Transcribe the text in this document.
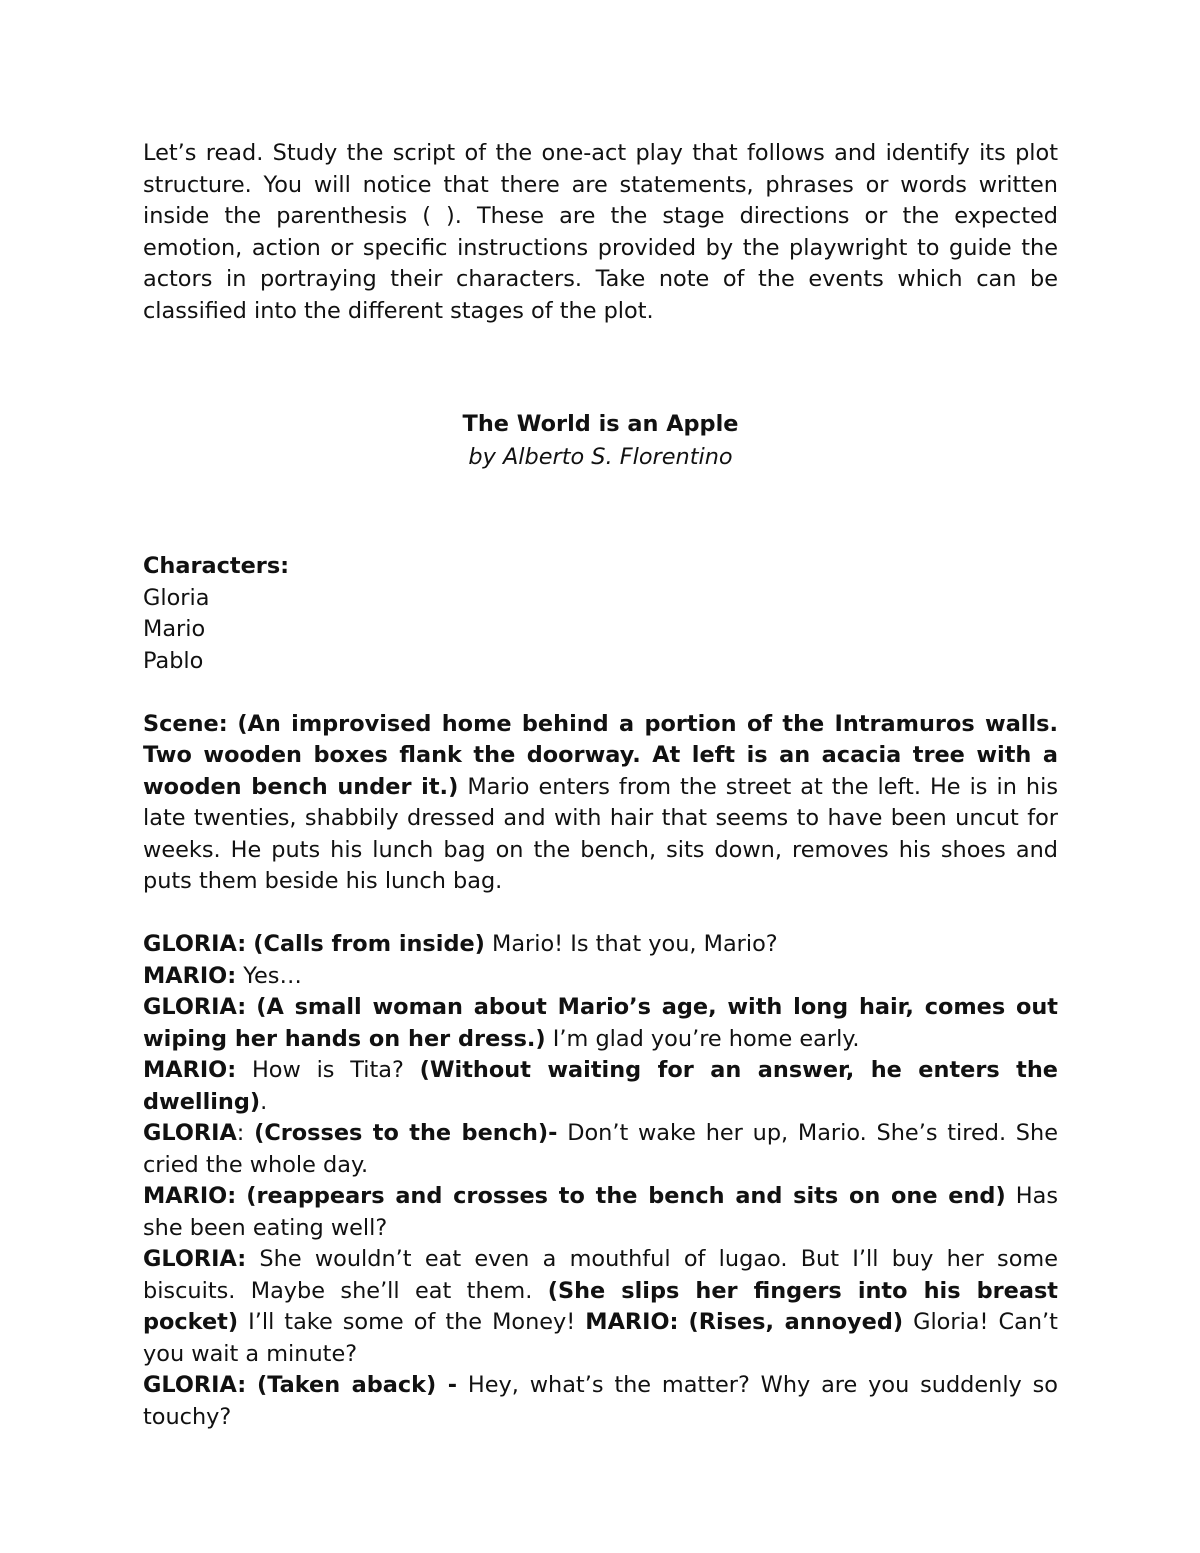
Let’s read. Study the script of the one-act play that follows and identify its plot structure. You will notice that there are statements, phrases or words written inside the parenthesis ( ). These are the stage directions or the expected emotion, action or specific instructions provided by the playwright to guide the actors in portraying their characters. Take note of the events which can be classified into the different stages of the plot.

The World is an Apple

by Alberto S. Florentino

Characters:

Gloria

Mario

Pablo

Scene: (An improvised home behind a portion of the Intramuros walls. Two wooden boxes flank the doorway. At left is an acacia tree with a wooden bench under it.) Mario enters from the street at the left. He is in his late twenties, shabbily dressed and with hair that seems to have been uncut for weeks. He puts his lunch bag on the bench, sits down, removes his shoes and puts them beside his lunch bag.

GLORIA: (Calls from inside) Mario! Is that you, Mario?

MARIO: Yes…

GLORIA: (A small woman about Mario’s age, with long hair, comes out wiping her hands on her dress.) I’m glad you’re home early.

MARIO: How is Tita? (Without waiting for an answer, he enters the dwelling).

GLORIA: (Crosses to the bench)- Don’t wake her up, Mario. She’s tired. She cried the whole day.

MARIO: (reappears and crosses to the bench and sits on one end) Has she been eating well?

GLORIA: She wouldn’t eat even a mouthful of lugao. But I’ll buy her some biscuits. Maybe she’ll eat them. (She slips her fingers into his breast pocket) I’ll take some of the Money! MARIO: (Rises, annoyed) Gloria! Can’t you wait a minute?

GLORIA: (Taken aback) - Hey, what’s the matter? Why are you suddenly so touchy?
